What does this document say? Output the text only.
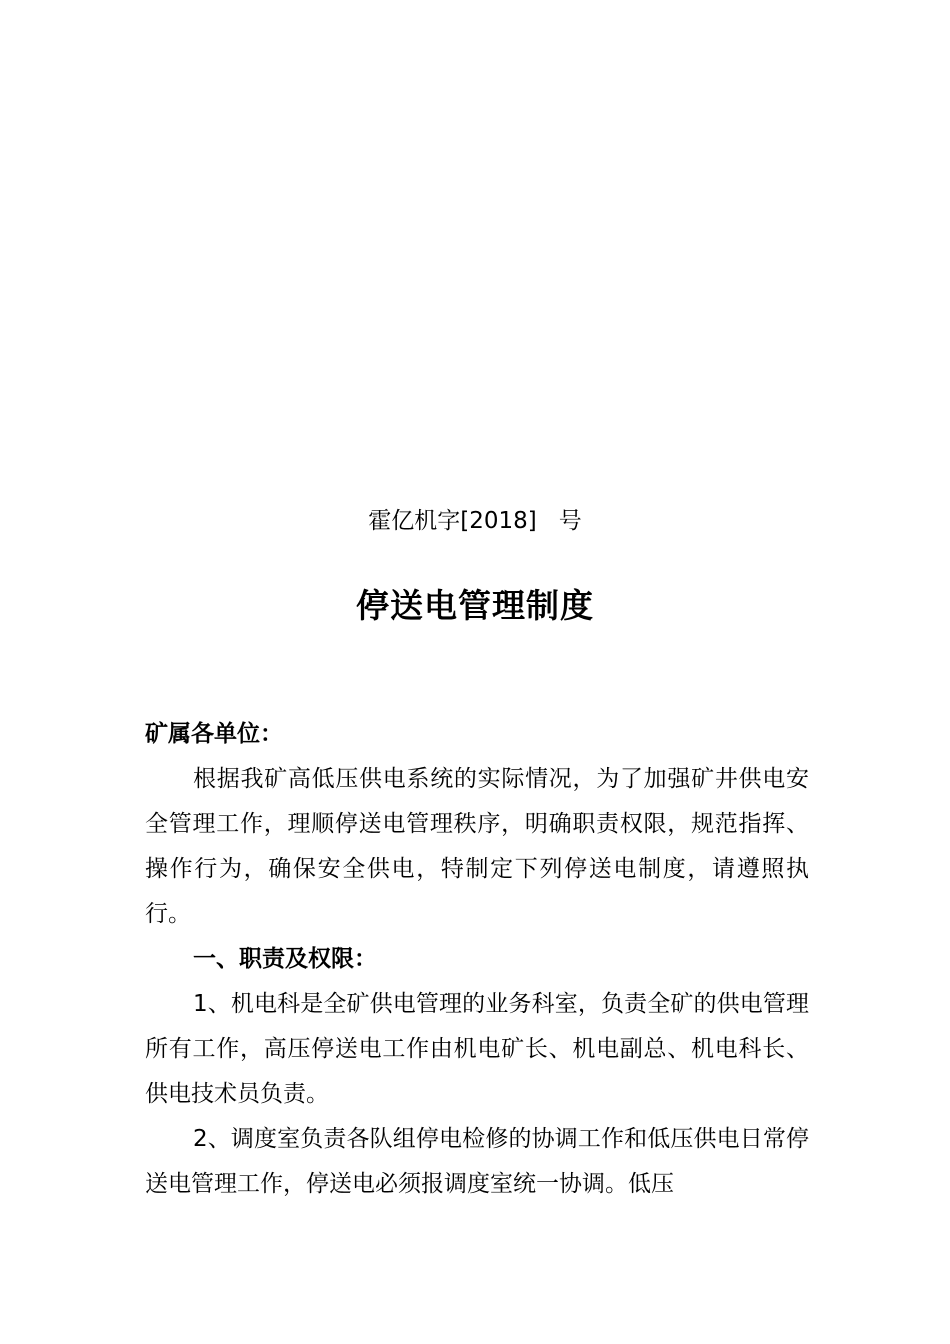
霍亿机字[2018]   号
停送电管理制度

矿属各单位：

根据我矿高低压供电系统的实际情况，为了加强矿井供电安全管理工作，理顺停送电管理秩序，明确职责权限，规范指挥、操作行为，确保安全供电，特制定下列停送电制度，请遵照执行。

一、职责及权限：

1、机电科是全矿供电管理的业务科室，负责全矿的供电管理所有工作，高压停送电工作由机电矿长、机电副总、机电科长、供电技术员负责。

2、调度室负责各队组停电检修的协调工作和低压供电日常停送电管理工作，停送电必须报调度室统一协调。低压
